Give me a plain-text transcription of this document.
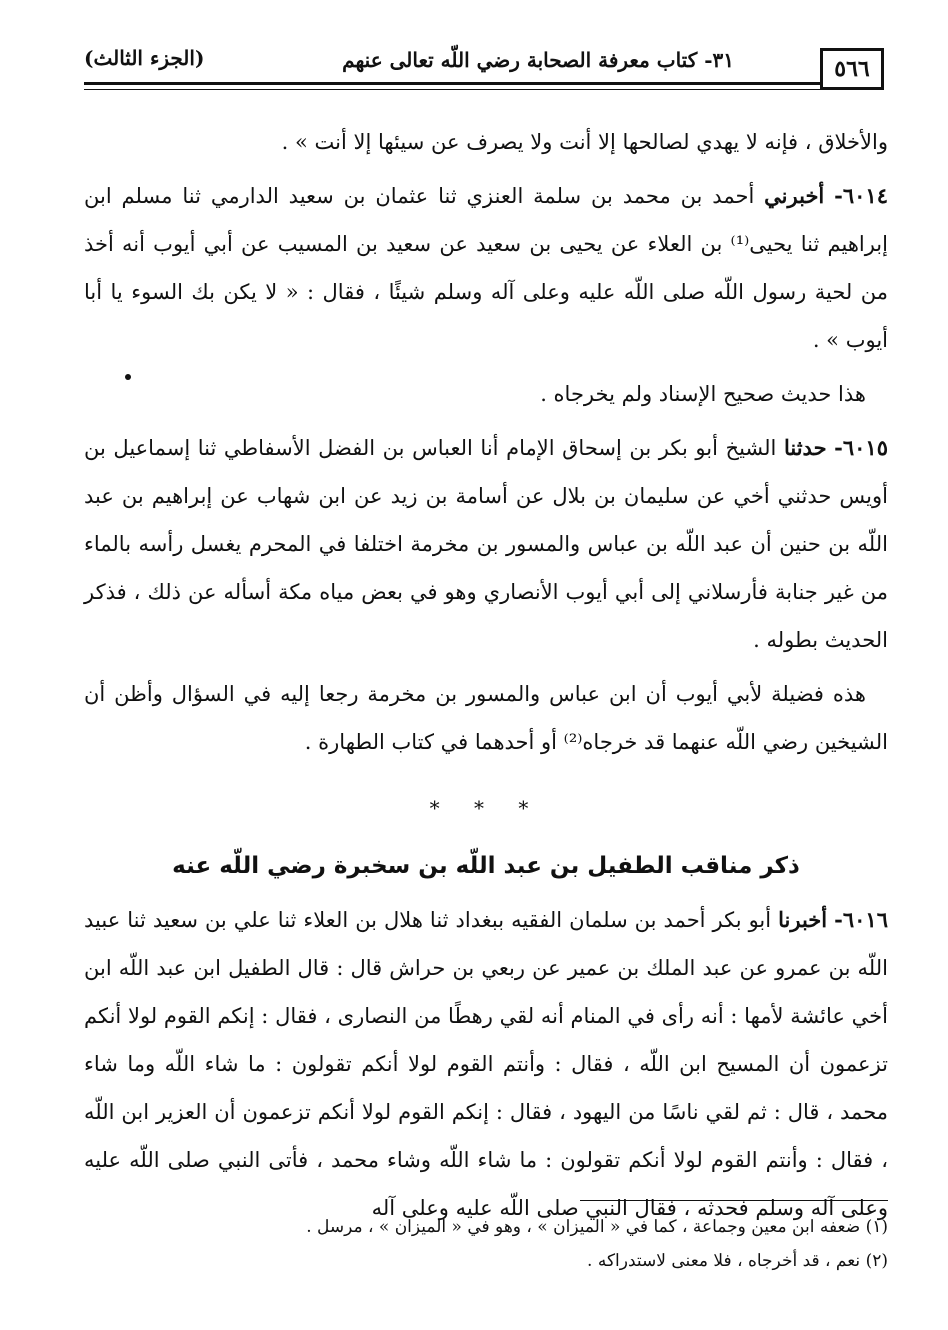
٥٦٦
٣١- كتاب معرفة الصحابة رضي اللّه تعالى عنهم
(الجزء الثالث)

والأخلاق ، فإنه لا يهدي لصالحها إلا أنت ولا يصرف عن سيئها إلا أنت » .

٦٠١٤- أخبرني أحمد بن محمد بن سلمة العنزي ثنا عثمان بن سعيد الدارمي ثنا مسلم ابن إبراهيم ثنا يحيى⁽¹⁾ بن العلاء عن يحيى بن سعيد عن سعيد بن المسيب عن أبي أيوب أنه أخذ من لحية رسول اللّه صلى اللّه عليه وعلى آله وسلم شيئًا ، فقال : « لا يكن بك السوء يا أبا أيوب » .

هذا حديث صحيح الإسناد ولم يخرجاه .

٦٠١٥- حدثنا الشيخ أبو بكر بن إسحاق الإمام أنا العباس بن الفضل الأسفاطي ثنا إسماعيل بن أويس حدثني أخي عن سليمان بن بلال عن أسامة بن زيد عن ابن شهاب عن إبراهيم بن عبد اللّه بن حنين أن عبد اللّه بن عباس والمسور بن مخرمة اختلفا في المحرم يغسل رأسه بالماء من غير جنابة فأرسلاني إلى أبي أيوب الأنصاري وهو في بعض مياه مكة أسأله عن ذلك ، فذكر الحديث بطوله .

هذه فضيلة لأبي أيوب أن ابن عباس والمسور بن مخرمة رجعا إليه في السؤال وأظن أن الشيخين رضي اللّه عنهما قد خرجاه⁽²⁾ أو أحدهما في كتاب الطهارة .

* * *
ذكر مناقب الطفيل بن عبد اللّه بن سخبرة رضي اللّه عنه

٦٠١٦- أخبرنا أبو بكر أحمد بن سلمان الفقيه ببغداد ثنا هلال بن العلاء ثنا علي بن سعيد ثنا عبيد اللّه بن عمرو عن عبد الملك بن عمير عن ربعي بن حراش قال : قال الطفيل ابن عبد اللّه ابن أخي عائشة لأمها : أنه رأى في المنام أنه لقي رهطًا من النصارى ، فقال : إنكم القوم لولا أنكم تزعمون أن المسيح ابن اللّه ، فقال : وأنتم القوم لولا أنكم تقولون : ما شاء اللّه وما شاء محمد ، قال : ثم لقي ناسًا من اليهود ، فقال : إنكم القوم لولا أنكم تزعمون أن العزير ابن اللّه ، فقال : وأنتم القوم لولا أنكم تقولون : ما شاء اللّه وشاء محمد ، فأتى النبي صلى اللّه عليه وعلى آله وسلم فحدثه ، فقال النبي صلى اللّه عليه وعلى آله

(١) ضعفه ابن معين وجماعة ، كما في « الميزان » ، وهو في « الميزان » ، مرسل .
(٢) نعم ، قد أخرجاه ، فلا معنى لاستدراكه .
